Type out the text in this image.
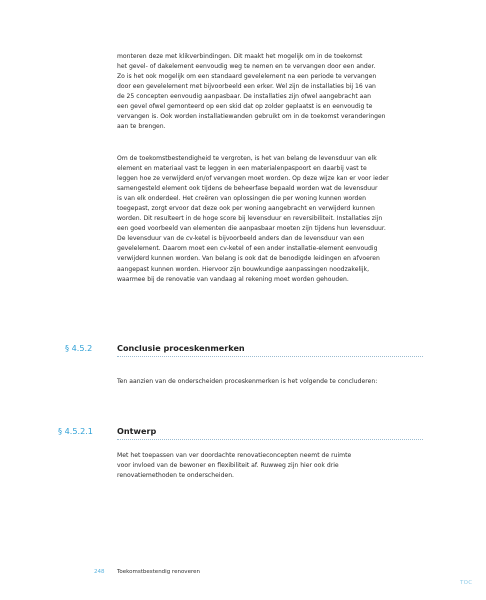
monteren deze met klikverbindingen. Dit maakt het mogelijk om in de toekomst
het gevel- of dakelement eenvoudig weg te nemen en te vervangen door een ander.
Zo is het ook mogelijk om een standaard gevelelement na een periode te vervangen
door een gevelelement met bijvoorbeeld een erker. Wel zijn de installaties bij 16 van
de 25 concepten eenvoudig aanpasbaar. De installaties zijn ofwel aangebracht aan
een gevel ofwel gemonteerd op een skid dat op zolder geplaatst is en eenvoudig te
vervangen is. Ook worden installatiewanden gebruikt om in de toekomst veranderingen
aan te brengen.
Om de toekomstbestendigheid te vergroten, is het van belang de levensduur van elk
element en materiaal vast te leggen in een materialenpaspoort en daarbij vast te
leggen hoe ze verwijderd en/of vervangen moet worden. Op deze wijze kan er voor ieder
samengesteld element ook tijdens de beheerfase bepaald worden wat de levensduur
is van elk onderdeel. Het creëren van oplossingen die per woning kunnen worden
toegepast, zorgt ervoor dat deze ook per woning aangebracht en verwijderd kunnen
worden. Dit resulteert in de hoge score bij levensduur en reversibiliteit. Installaties zijn
een goed voorbeeld van elementen die aanpasbaar moeten zijn tijdens hun levensduur.
De levensduur van de cv-ketel is bijvoorbeeld anders dan de levensduur van een
gevelelement. Daarom moet een cv-ketel of een ander installatie-element eenvoudig
verwijderd kunnen worden. Van belang is ook dat de benodigde leidingen en afvoeren
aangepast kunnen worden. Hiervoor zijn bouwkundige aanpassingen noodzakelijk,
waarmee bij de renovatie van vandaag al rekening moet worden gehouden.
§ 4.5.2	Conclusie proceskenmerken
Ten aanzien van de onderscheiden proceskenmerken is het volgende te concluderen:
§ 4.5.2.1	Ontwerp
Met het toepassen van ver doordachte renovatieconcepten neemt de ruimte
voor invloed van de bewoner en flexibiliteit af. Ruwweg zijn hier ook drie
renovatiemethoden te onderscheiden.
248 Toekomstbestendig renoveren
TOC
